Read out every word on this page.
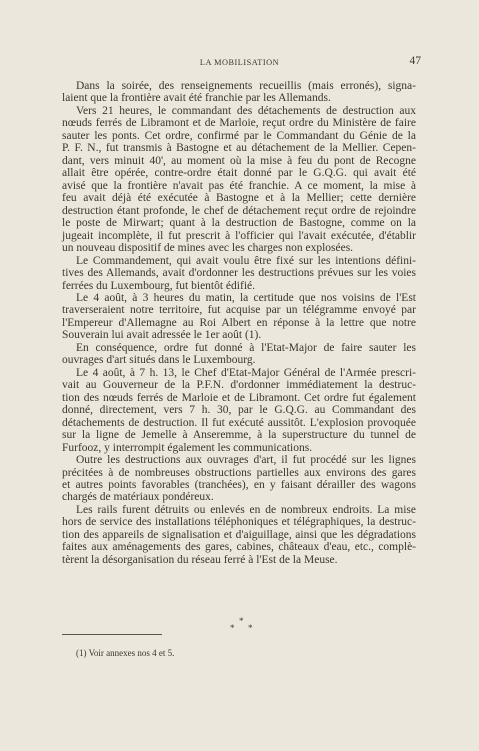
LA MOBILISATION	47
Dans la soirée, des renseignements recueillis (mais erronés), signa-
laient que la frontière avait été franchie par les Allemands.
Vers 21 heures, le commandant des détachements de destruction aux
nœuds ferrés de Libramont et de Marloie, reçut ordre du Ministère de faire
sauter les ponts. Cet ordre, confirmé par le Commandant du Génie de la
P. F. N., fut transmis à Bastogne et au détachement de la Mellier. Cepen-
dant, vers minuit 40', au moment où la mise à feu du pont de Recogne
allait être opérée, contre-ordre était donné par le G.Q.G. qui avait été
avisé que la frontière n'avait pas été franchie. A ce moment, la mise à
feu avait déjà été exécutée à Bastogne et à la Mellier; cette dernière
destruction étant profonde, le chef de détachement reçut ordre de rejoindre
le poste de Mirwart; quant à la destruction de Bastogne, comme on la
jugeait incomplète, il fut prescrit à l'officier qui l'avait exécutée, d'établir
un nouveau dispositif de mines avec les charges non explosées.
Le Commandement, qui avait voulu être fixé sur les intentions défini-
tives des Allemands, avait d'ordonner les destructions prévues sur les voies
ferrées du Luxembourg, fut bientôt édifié.
Le 4 août, à 3 heures du matin, la certitude que nos voisins de l'Est
traverseraient notre territoire, fut acquise par un télégramme envoyé par
l'Empereur d'Allemagne au Roi Albert en réponse à la lettre que notre
Souverain lui avait adressée le 1er août (1).
En conséquence, ordre fut donné à l'Etat-Major de faire sauter les
ouvrages d'art situés dans le Luxembourg.
Le 4 août, à 7 h. 13, le Chef d'Etat-Major Général de l'Armée prescri-
vait au Gouverneur de la P.F.N. d'ordonner immédiatement la destruc-
tion des nœuds ferrés de Marloie et de Libramont. Cet ordre fut également
donné, directement, vers 7 h. 30, par le G.Q.G. au Commandant des
détachements de destruction. Il fut exécuté aussitôt. L'explosion provoquée
sur la ligne de Jemelle à Anseremme, à la superstructure du tunnel de
Furfooz, y interrompit également les communications.
Outre les destructions aux ouvrages d'art, il fut procédé sur les lignes
précitées à de nombreuses obstructions partielles aux environs des gares
et autres points favorables (tranchées), en y faisant dérailler des wagons
chargés de matériaux pondéreux.
Les rails furent détruits ou enlevés en de nombreux endroits. La mise
hors de service des installations téléphoniques et télégraphiques, la destruc-
tion des appareils de signalisation et d'aiguillage, ainsi que les dégradations
faites aux aménagements des gares, cabines, châteaux d'eau, etc., complè-
tèrent la désorganisation du réseau ferré à l'Est de la Meuse.
*
* *
(1) Voir annexes nos 4 et 5.
